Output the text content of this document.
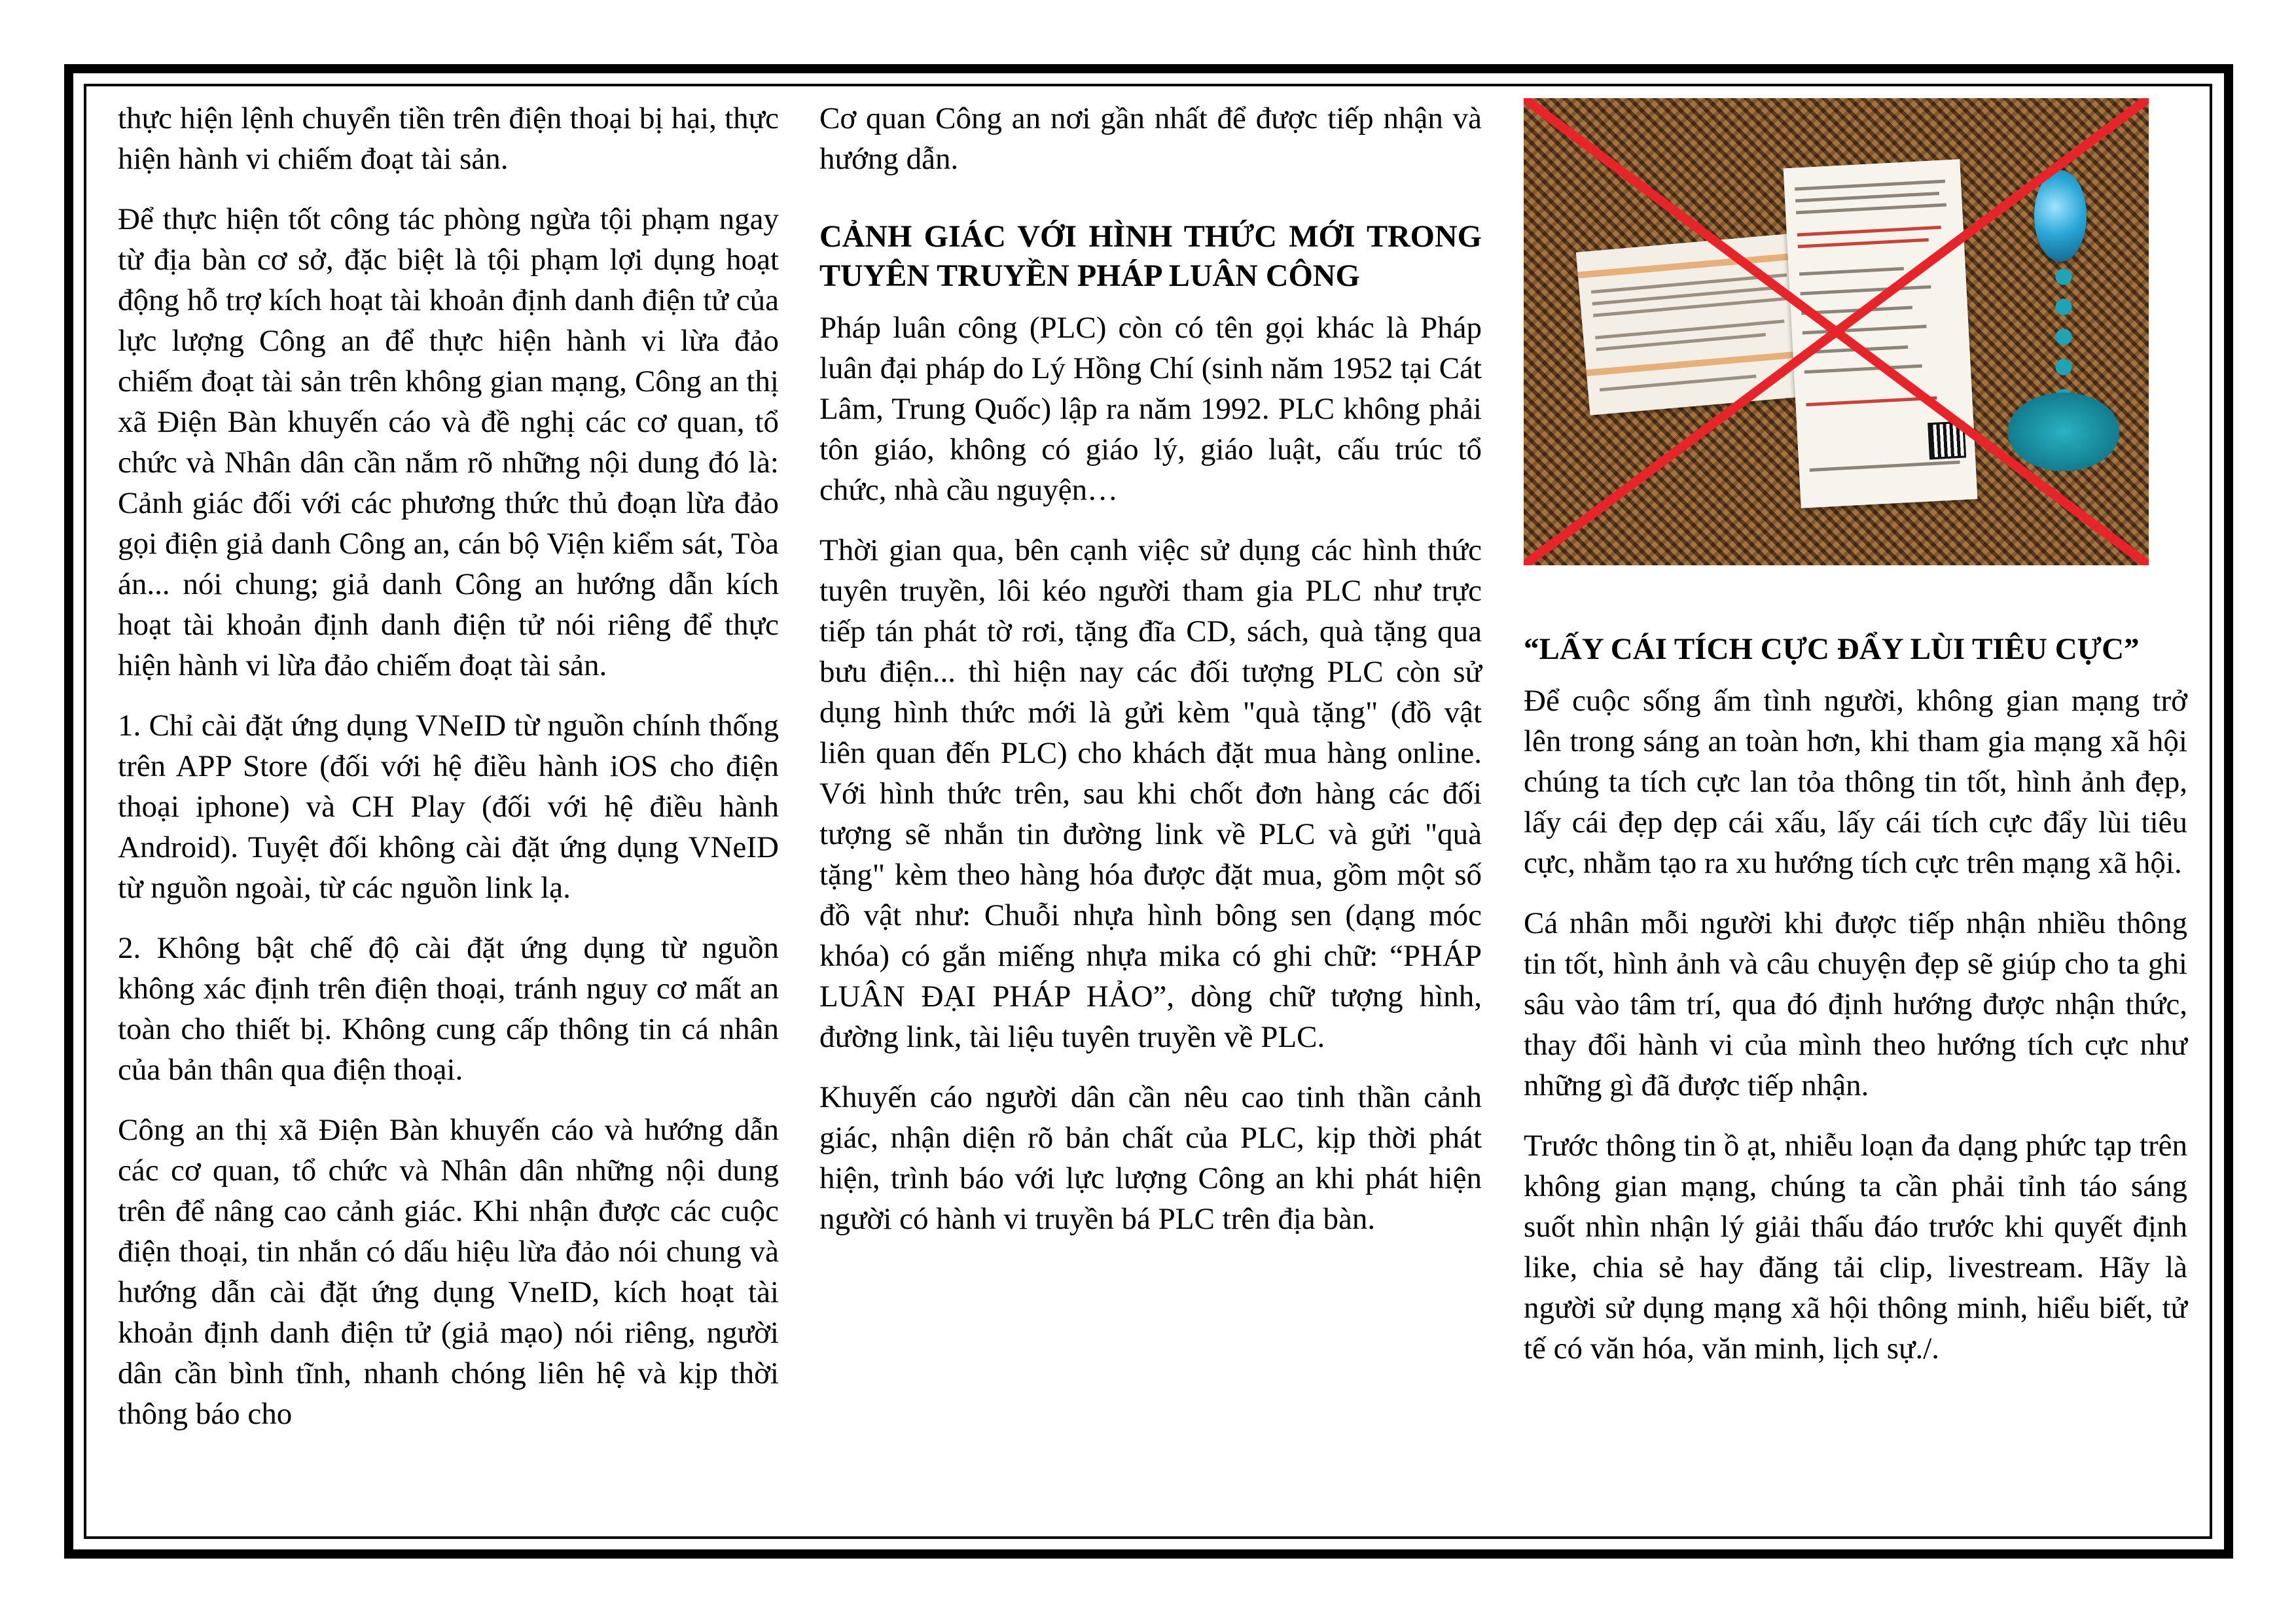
thực hiện lệnh chuyển tiền trên điện thoại bị hại, thực hiện hành vi chiếm đoạt tài sản.

Để thực hiện tốt công tác phòng ngừa tội phạm ngay từ địa bàn cơ sở, đặc biệt là tội phạm lợi dụng hoạt động hỗ trợ kích hoạt tài khoản định danh điện tử của lực lượng Công an để thực hiện hành vi lừa đảo chiếm đoạt tài sản trên không gian mạng, Công an thị xã Điện Bàn khuyến cáo và đề nghị các cơ quan, tổ chức và Nhân dân cần nắm rõ những nội dung đó là: Cảnh giác đối với các phương thức thủ đoạn lừa đảo gọi điện giả danh Công an, cán bộ Viện kiểm sát, Tòa án... nói chung; giả danh Công an hướng dẫn kích hoạt tài khoản định danh điện tử nói riêng để thực hiện hành vi lừa đảo chiếm đoạt tài sản.

1. Chỉ cài đặt ứng dụng VNeID từ nguồn chính thống trên APP Store (đối với hệ điều hành iOS cho điện thoại iphone) và CH Play (đối với hệ điều hành Android). Tuyệt đối không cài đặt ứng dụng VNeID từ nguồn ngoài, từ các nguồn link lạ.

2. Không bật chế độ cài đặt ứng dụng từ nguồn không xác định trên điện thoại, tránh nguy cơ mất an toàn cho thiết bị. Không cung cấp thông tin cá nhân của bản thân qua điện thoại.

Công an thị xã Điện Bàn khuyến cáo và hướng dẫn các cơ quan, tổ chức và Nhân dân những nội dung trên để nâng cao cảnh giác. Khi nhận được các cuộc điện thoại, tin nhắn có dấu hiệu lừa đảo nói chung và hướng dẫn cài đặt ứng dụng VneID, kích hoạt tài khoản định danh điện tử (giả mạo) nói riêng, người dân cần bình tĩnh, nhanh chóng liên hệ và kịp thời thông báo cho

Cơ quan Công an nơi gần nhất để được tiếp nhận và hướng dẫn.

CẢNH GIÁC VỚI HÌNH THỨC MỚI TRONG TUYÊN TRUYỀN PHÁP LUÂN CÔNG

Pháp luân công (PLC) còn có tên gọi khác là Pháp luân đại pháp do Lý Hồng Chí (sinh năm 1952 tại Cát Lâm, Trung Quốc) lập ra năm 1992. PLC không phải tôn giáo, không có giáo lý, giáo luật, cấu trúc tổ chức, nhà cầu nguyện…

Thời gian qua, bên cạnh việc sử dụng các hình thức tuyên truyền, lôi kéo người tham gia PLC như trực tiếp tán phát tờ rơi, tặng đĩa CD, sách, quà tặng qua bưu điện... thì hiện nay các đối tượng PLC còn sử dụng hình thức mới là gửi kèm "quà tặng" (đồ vật liên quan đến PLC) cho khách đặt mua hàng online. Với hình thức trên, sau khi chốt đơn hàng các đối tượng sẽ nhắn tin đường link về PLC và gửi "quà tặng" kèm theo hàng hóa được đặt mua, gồm một số đồ vật như: Chuỗi nhựa hình bông sen (dạng móc khóa) có gắn miếng nhựa mika có ghi chữ: “PHÁP LUÂN ĐẠI PHÁP HẢO”, dòng chữ tượng hình, đường link, tài liệu tuyên truyền về PLC.

Khuyến cáo người dân cần nêu cao tinh thần cảnh giác, nhận diện rõ bản chất của PLC, kịp thời phát hiện, trình báo với lực lượng Công an khi phát hiện người có hành vi truyền bá PLC trên địa bàn.

“LẤY CÁI TÍCH CỰC ĐẨY LÙI TIÊU CỰC”

Để cuộc sống ấm tình người, không gian mạng trở lên trong sáng an toàn hơn, khi tham gia mạng xã hội chúng ta tích cực lan tỏa thông tin tốt, hình ảnh đẹp, lấy cái đẹp dẹp cái xấu, lấy cái tích cực đẩy lùi tiêu cực, nhằm tạo ra xu hướng tích cực trên mạng xã hội.

Cá nhân mỗi người khi được tiếp nhận nhiều thông tin tốt, hình ảnh và câu chuyện đẹp sẽ giúp cho ta ghi sâu vào tâm trí, qua đó định hướng được nhận thức, thay đổi hành vi của mình theo hướng tích cực như những gì đã được tiếp nhận.

Trước thông tin ồ ạt, nhiễu loạn đa dạng phức tạp trên không gian mạng, chúng ta cần phải tỉnh táo sáng suốt nhìn nhận lý giải thấu đáo trước khi quyết định like, chia sẻ hay đăng tải clip, livestream. Hãy là người sử dụng mạng xã hội thông minh, hiểu biết, tử tế có văn hóa, văn minh, lịch sự./.
